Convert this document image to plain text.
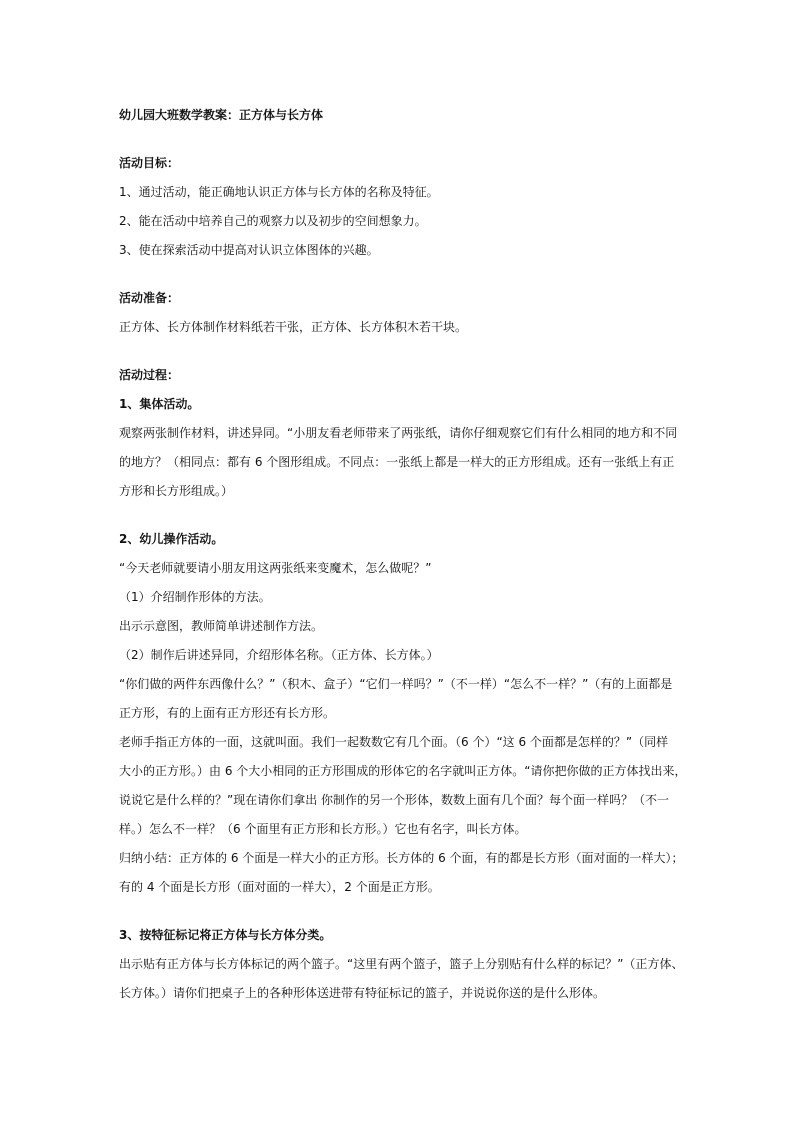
幼儿园大班数学教案：正方体与长方体
活动目标：
1、通过活动，能正确地认识正方体与长方体的名称及特征。
2、能在活动中培养自己的观察力以及初步的空间想象力。
3、使在探索活动中提高对认识立体图体的兴趣。
活动准备：
正方体、长方体制作材料纸若干张，正方体、长方体积木若干块。
活动过程：
1、集体活动。
观察两张制作材料，讲述异同。“小朋友看老师带来了两张纸，请你仔细观察它们有什么相同的地方和不同
的地方？（相同点：都有 6 个图形组成。不同点：一张纸上都是一样大的正方形组成。还有一张纸上有正
方形和长方形组成。）
2、幼儿操作活动。
“今天老师就要请小朋友用这两张纸来变魔术，怎么做呢？”
（1）介绍制作形体的方法。
出示示意图，教师简单讲述制作方法。
（2）制作后讲述异同，介绍形体名称。（正方体、长方体。）
“你们做的两件东西像什么？”（积木、盒子）“它们一样吗？”（不一样）“怎么不一样？”（有的上面都是
正方形，有的上面有正方形还有长方形。
老师手指正方体的一面，这就叫面。我们一起数数它有几个面。（6 个）“这 6 个面都是怎样的？”（同样
大小的正方形。）由 6 个大小相同的正方形围成的形体它的名字就叫正方体。“请你把你做的正方体找出来，
说说它是什么样的？”现在请你们拿出 你制作的另一个形体，数数上面有几个面？每个面一样吗？（不一
样。）怎么不一样？（6 个面里有正方形和长方形。）它也有名字，叫长方体。
归纳小结：正方体的 6 个面是一样大小的正方形。长方体的 6 个面，有的都是长方形（面对面的一样大）；
有的 4 个面是长方形（面对面的一样大），2 个面是正方形。
3、按特征标记将正方体与长方体分类。
出示贴有正方体与长方体标记的两个篮子。“这里有两个篮子，篮子上分别贴有什么样的标记？”（正方体、
长方体。）请你们把桌子上的各种形体送进带有特征标记的篮子，并说说你送的是什么形体。
